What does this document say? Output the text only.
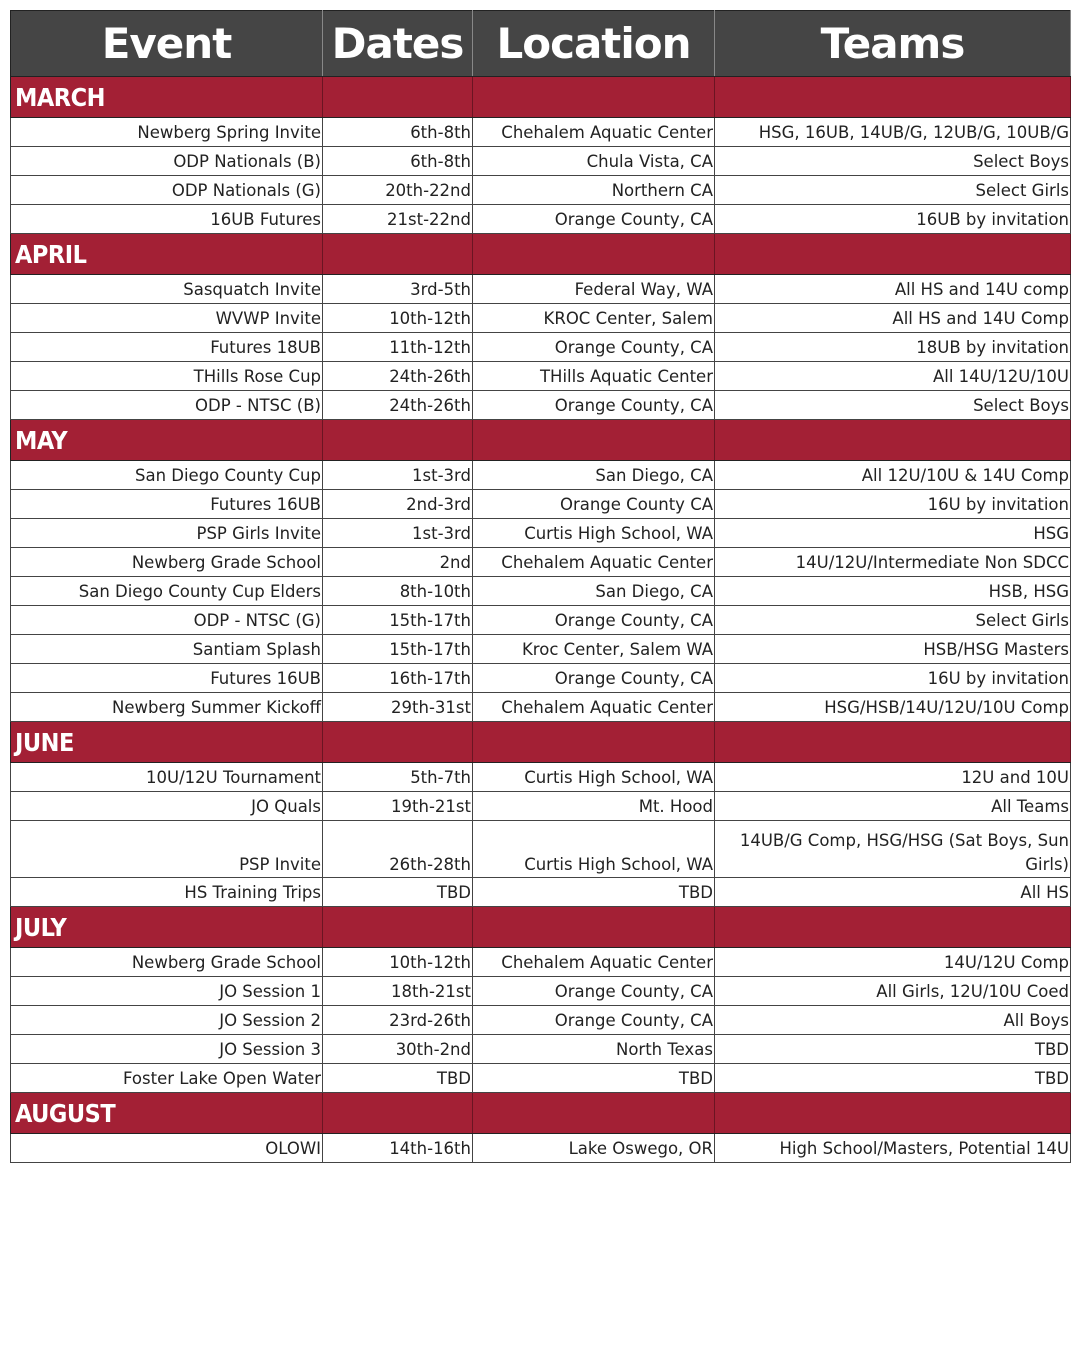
Event	Dates	Location	Teams
MARCH			
Newberg Spring Invite	6th-8th	Chehalem Aquatic Center	HSG, 16UB, 14UB/G, 12UB/G, 10UB/G
ODP Nationals (B)	6th-8th	Chula Vista, CA	Select Boys
ODP Nationals (G)	20th-22nd	Northern CA	Select Girls
16UB Futures	21st-22nd	Orange County, CA	16UB by invitation
APRIL			
Sasquatch Invite	3rd-5th	Federal Way, WA	All HS and 14U comp
WVWP Invite	10th-12th	KROC Center, Salem	All HS and 14U Comp
Futures 18UB	11th-12th	Orange County, CA	18UB by invitation
THills Rose Cup	24th-26th	THills Aquatic Center	All 14U/12U/10U
ODP - NTSC (B)	24th-26th	Orange County, CA	Select Boys
MAY			
San Diego County Cup	1st-3rd	San Diego, CA	All 12U/10U & 14U Comp
Futures 16UB	2nd-3rd	Orange County CA	16U by invitation
PSP Girls Invite	1st-3rd	Curtis High School, WA	HSG
Newberg Grade School	2nd	Chehalem Aquatic Center	14U/12U/Intermediate Non SDCC
San Diego County Cup Elders	8th-10th	San Diego, CA	HSB, HSG
ODP - NTSC (G)	15th-17th	Orange County, CA	Select Girls
Santiam Splash	15th-17th	Kroc Center, Salem WA	HSB/HSG Masters
Futures 16UB	16th-17th	Orange County, CA	16U by invitation
Newberg Summer Kickoff	29th-31st	Chehalem Aquatic Center	HSG/HSB/14U/12U/10U Comp
JUNE			
10U/12U Tournament	5th-7th	Curtis High School, WA	12U and 10U
JO Quals	19th-21st	Mt. Hood	All Teams
PSP Invite	26th-28th	Curtis High School, WA	14UB/G Comp, HSG/HSG (Sat Boys, Sun Girls)
HS Training Trips	TBD	TBD	All HS
JULY			
Newberg Grade School	10th-12th	Chehalem Aquatic Center	14U/12U Comp
JO Session 1	18th-21st	Orange County, CA	All Girls, 12U/10U Coed
JO Session 2	23rd-26th	Orange County, CA	All Boys
JO Session 3	30th-2nd	North Texas	TBD
Foster Lake Open Water	TBD	TBD	TBD
AUGUST			
OLOWI	14th-16th	Lake Oswego, OR	High School/Masters, Potential 14U
